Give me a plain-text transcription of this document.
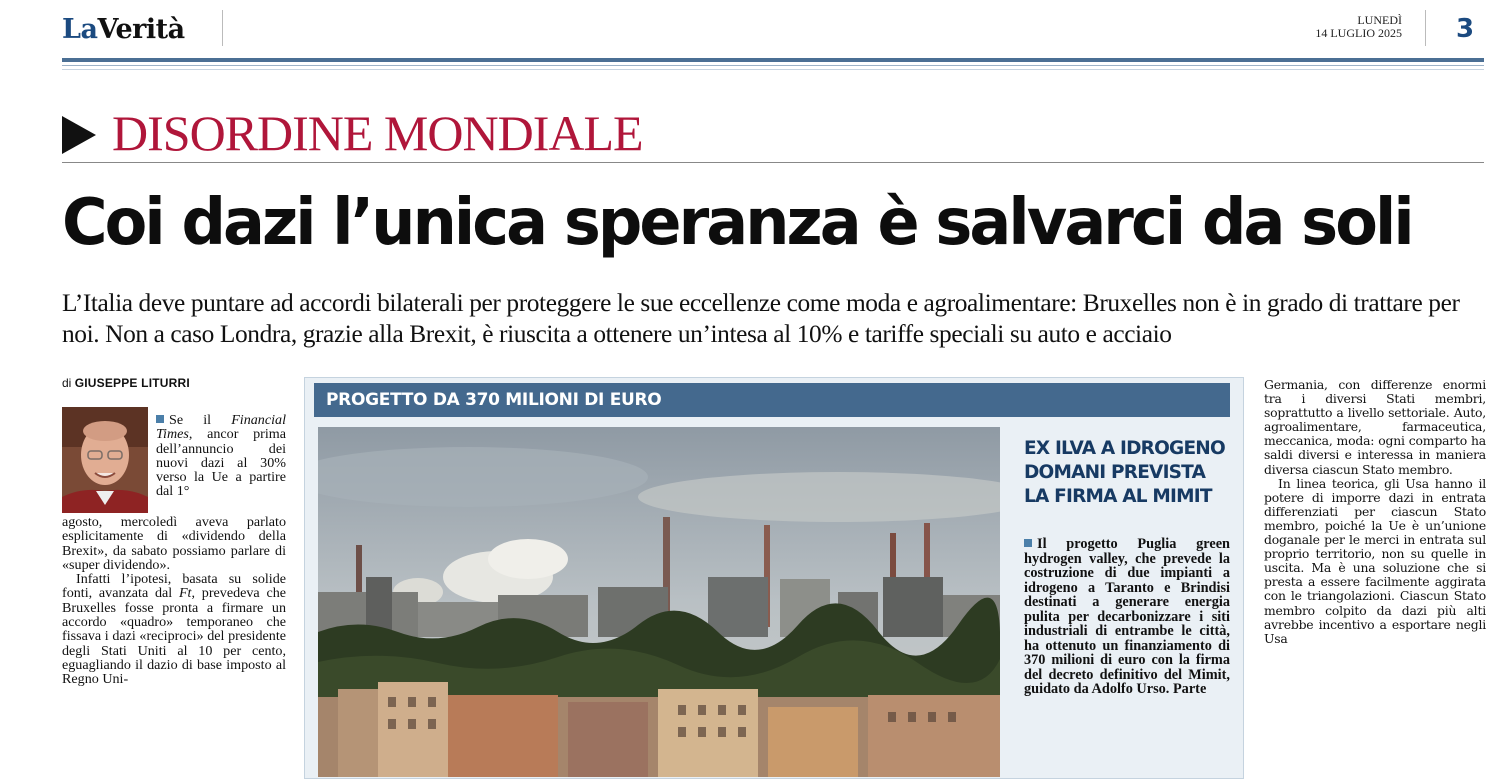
LaVerità	LUNEDÌ
14 LUGLIO 2025 3
DISORDINE MONDIALE
Coi dazi l’unica speranza è salvarci da soli
L’Italia deve puntare ad accordi bilaterali per proteggere le sue eccellenze come moda e agroalimentare: Bruxelles non è in grado di trattare per noi. Non a caso Londra, grazie alla Brexit, è riuscita a ottenere un’intesa al 10% e tariffe speciali su auto e acciaio
di GIUSEPPE LITURRI

Se il Financial Times, ancor prima dell’annuncio dei nuovi dazi al 30% verso la Ue a partire dal 1°

agosto, mercoledì aveva parlato esplicitamente di «dividendo della Brexit», da sabato possiamo parlare di «super dividendo».

Infatti l’ipotesi, basata su solide fonti, avanzata dal Ft, prevedeva che Bruxelles fosse pronta a firmare un accordo «quadro» temporaneo che fissava i dazi «reciproci» del presidente degli Stati Uniti al 10 per cento, eguagliando il dazio di base imposto al Regno Uni-

PROGETTO DA 370 MILIONI DI EURO
EX ILVA A IDROGENO DOMANI PREVISTA LA FIRMA AL MIMIT
Il progetto Puglia green hydrogen valley, che prevede la costruzione di due impianti a idrogeno a Taranto e Brindisi destinati a generare energia pulita per decarbonizzare i siti industriali di entrambe le città, ha ottenuto un finanziamento di 370 milioni di euro con la firma del decreto definitivo del Mimit, guidato da Adolfo Urso. Parte

Germania, con differenze enormi tra i diversi Stati membri, soprattutto a livello settoriale. Auto, agroalimentare, farmaceutica, meccanica, moda: ogni comparto ha saldi diversi e interessa in maniera diversa ciascun Stato membro.

In linea teorica, gli Usa hanno il potere di imporre dazi in entrata differenziati per ciascun Stato membro, poiché la Ue è un’unione doganale per le merci in entrata sul proprio territorio, non su quelle in uscita. Ma è una soluzione che si presta a essere facilmente aggirata con le triangolazioni. Ciascun Stato membro colpito da dazi più alti avrebbe incentivo a esportare negli Usa
